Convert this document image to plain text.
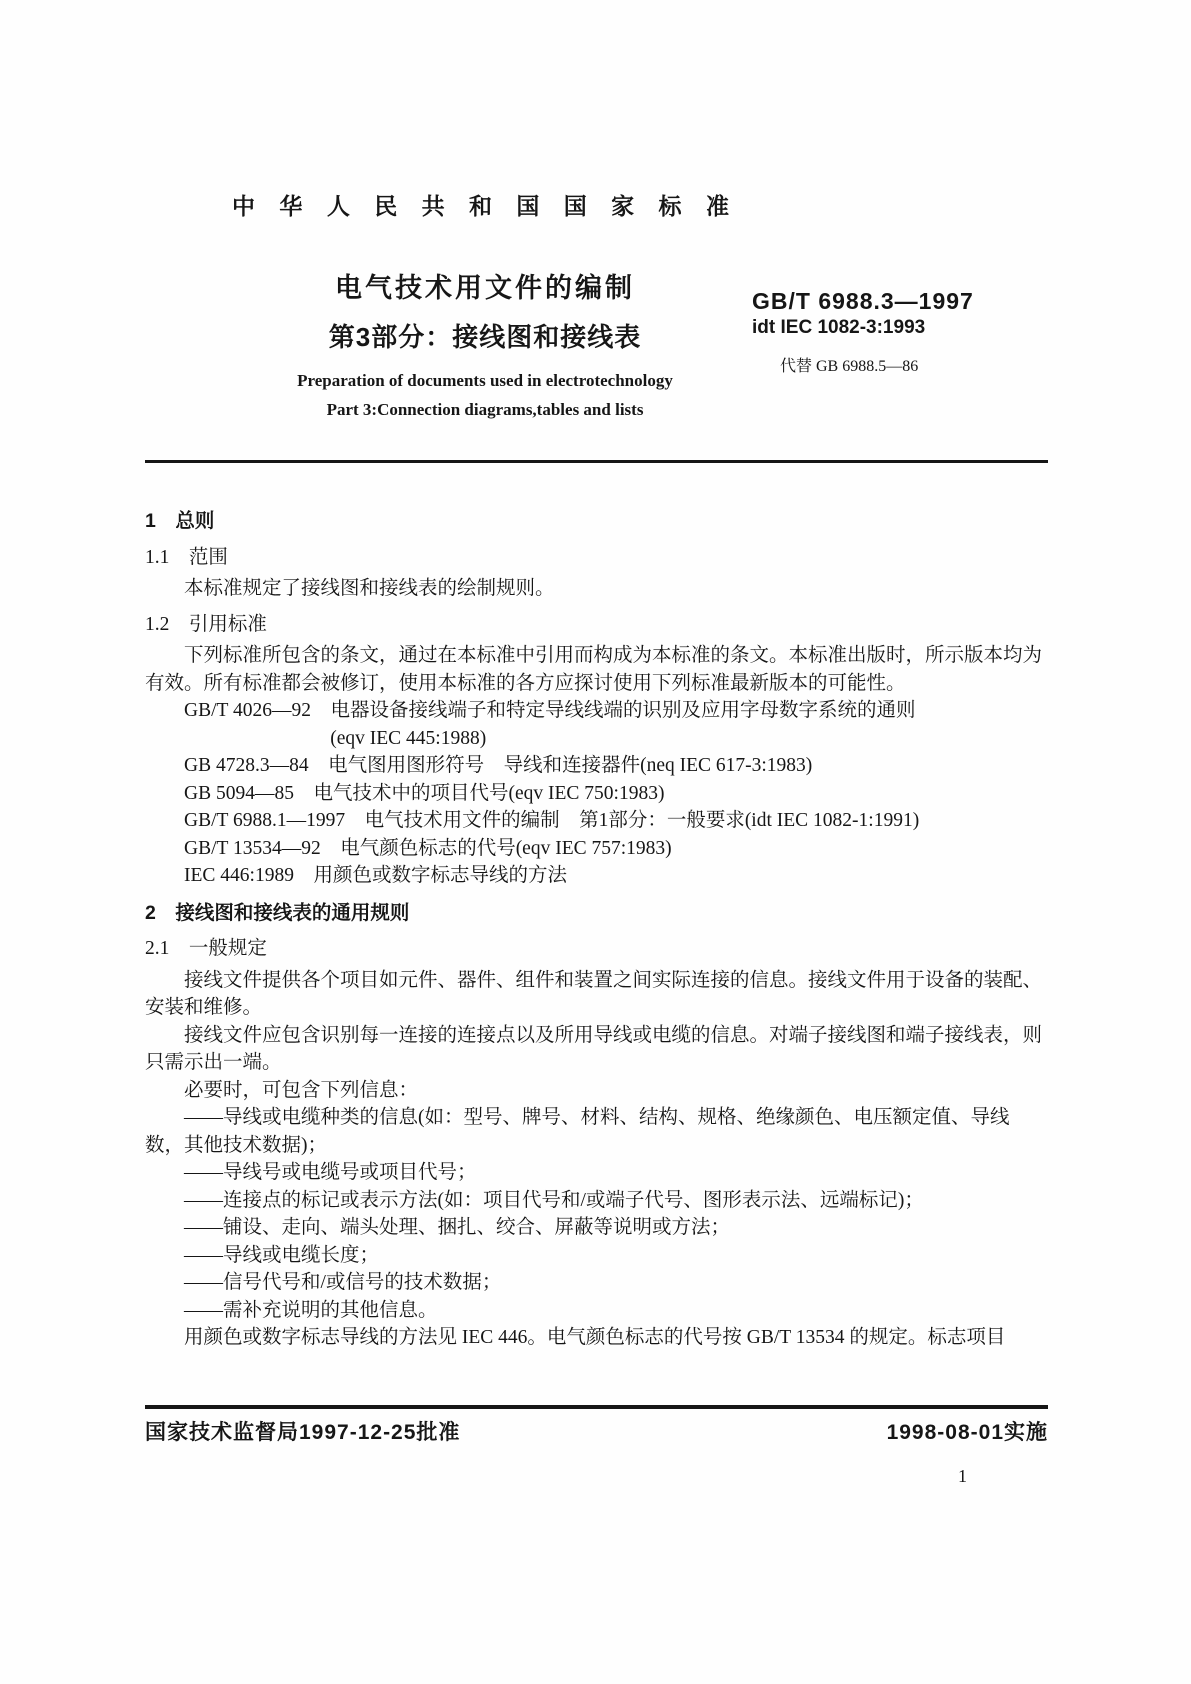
中 华 人 民 共 和 国 国 家 标 准
电气技术用文件的编制
第3部分：接线图和接线表
GB/T 6988.3—1997
idt IEC 1082-3:1993
代替 GB 6988.5—86
Preparation of documents used in electrotechnology
Part 3:Connection diagrams,tables and lists
1　总则
1.1　范围
本标准规定了接线图和接线表的绘制规则。
1.2　引用标准
下列标准所包含的条文，通过在本标准中引用而构成为本标准的条文。本标准出版时，所示版本均为有效。所有标准都会被修订，使用本标准的各方应探讨使用下列标准最新版本的可能性。
GB/T 4026—92　电器设备接线端子和特定导线线端的识别及应用字母数字系统的通则
(eqv IEC 445:1988)
GB 4728.3—84　电气图用图形符号　导线和连接器件(neq IEC 617-3:1983)
GB 5094—85　电气技术中的项目代号(eqv IEC 750:1983)
GB/T 6988.1—1997　电气技术用文件的编制　第1部分：一般要求(idt IEC 1082-1:1991)
GB/T 13534—92　电气颜色标志的代号(eqv IEC 757:1983)
IEC 446:1989　用颜色或数字标志导线的方法
2　接线图和接线表的通用规则
2.1　一般规定
接线文件提供各个项目如元件、器件、组件和装置之间实际连接的信息。接线文件用于设备的装配、安装和维修。
接线文件应包含识别每一连接的连接点以及所用导线或电缆的信息。对端子接线图和端子接线表，则只需示出一端。
必要时，可包含下列信息：
——导线或电缆种类的信息(如：型号、牌号、材料、结构、规格、绝缘颜色、电压额定值、导线数，其他技术数据)；
——导线号或电缆号或项目代号；
——连接点的标记或表示方法(如：项目代号和/或端子代号、图形表示法、远端标记)；
——铺设、走向、端头处理、捆扎、绞合、屏蔽等说明或方法；
——导线或电缆长度；
——信号代号和/或信号的技术数据；
——需补充说明的其他信息。
用颜色或数字标志导线的方法见 IEC 446。电气颜色标志的代号按 GB/T 13534 的规定。标志项目
国家技术监督局1997-12-25批准	1998-08-01实施
1
